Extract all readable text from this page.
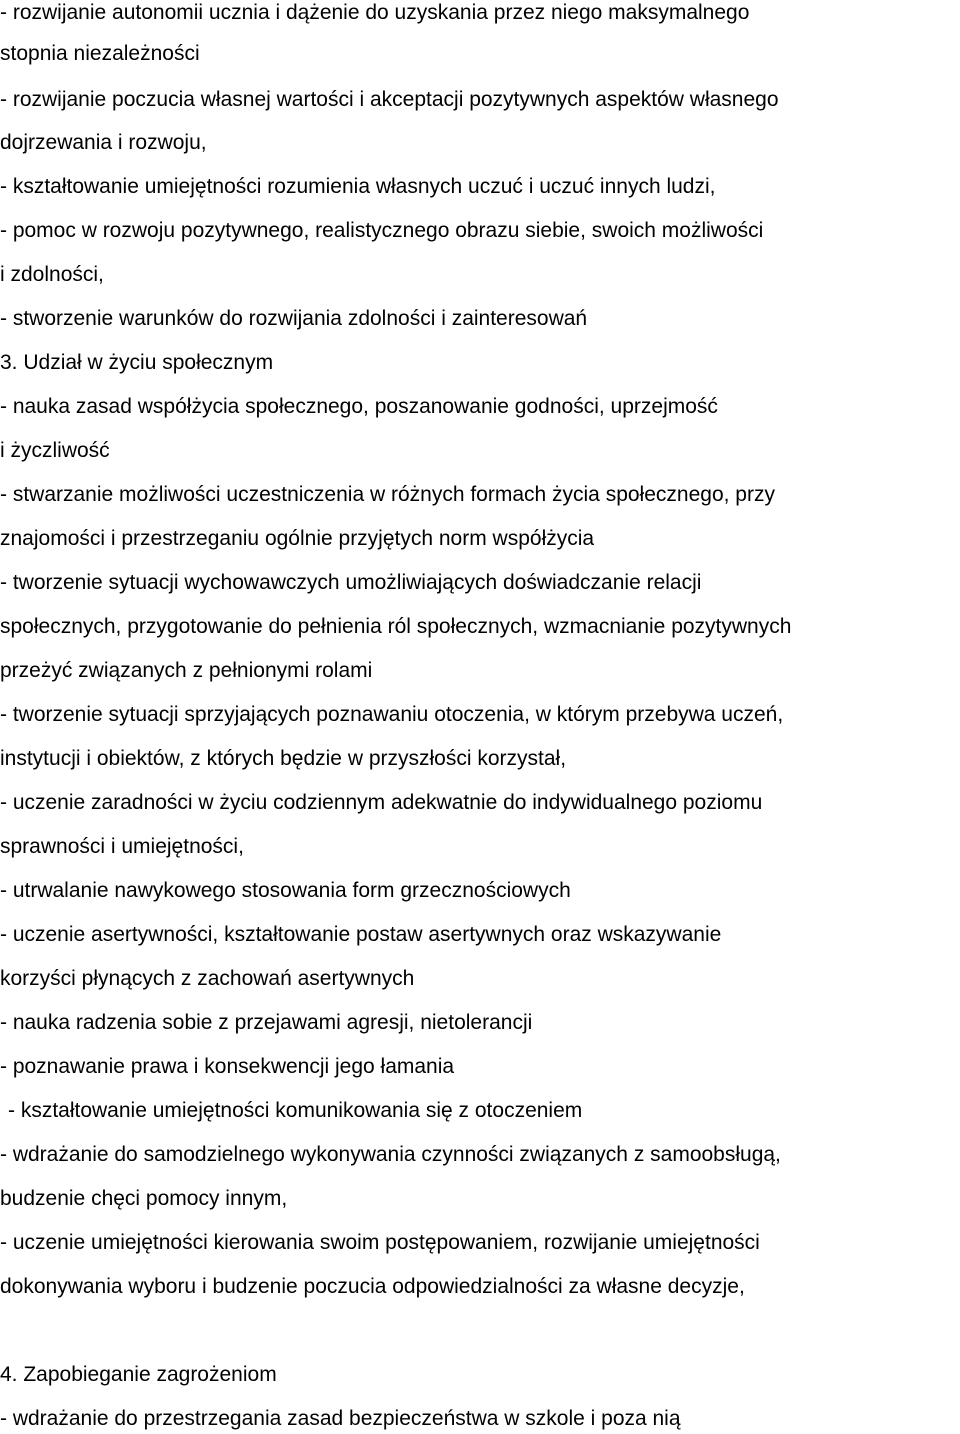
- rozwijanie autonomii ucznia i dążenie do uzyskania przez niego maksymalnego
stopnia niezależności
- rozwijanie poczucia własnej wartości i akceptacji pozytywnych aspektów własnego
dojrzewania i rozwoju,
- kształtowanie umiejętności rozumienia własnych uczuć i uczuć innych ludzi,
- pomoc w rozwoju pozytywnego, realistycznego obrazu siebie, swoich możliwości
i zdolności,
- stworzenie warunków do rozwijania zdolności i zainteresowań
3. Udział w życiu społecznym
- nauka zasad współżycia społecznego, poszanowanie godności, uprzejmość
i życzliwość
- stwarzanie możliwości uczestniczenia w różnych formach życia społecznego, przy
znajomości i przestrzeganiu ogólnie przyjętych norm współżycia
- tworzenie sytuacji wychowawczych umożliwiających doświadczanie relacji
społecznych, przygotowanie do pełnienia ról społecznych, wzmacnianie pozytywnych
przeżyć związanych z pełnionymi rolami
- tworzenie sytuacji sprzyjających poznawaniu otoczenia, w którym przebywa uczeń,
instytucji i obiektów, z których będzie w przyszłości korzystał,
- uczenie zaradności w życiu codziennym adekwatnie do indywidualnego poziomu
sprawności i umiejętności,
- utrwalanie nawykowego stosowania form grzecznościowych
- uczenie asertywności, kształtowanie postaw asertywnych oraz wskazywanie
korzyści płynących z zachowań asertywnych
- nauka radzenia sobie z przejawami agresji, nietolerancji
- poznawanie prawa i konsekwencji jego łamania
- kształtowanie umiejętności komunikowania się z otoczeniem
- wdrażanie do samodzielnego wykonywania czynności związanych z samoobsługą,
budzenie chęci pomocy innym,
- uczenie umiejętności kierowania swoim postępowaniem, rozwijanie umiejętności
dokonywania wyboru i budzenie poczucia odpowiedzialności za własne decyzje,
4. Zapobieganie zagrożeniom
- wdrażanie do przestrzegania zasad bezpieczeństwa w szkole i poza nią
